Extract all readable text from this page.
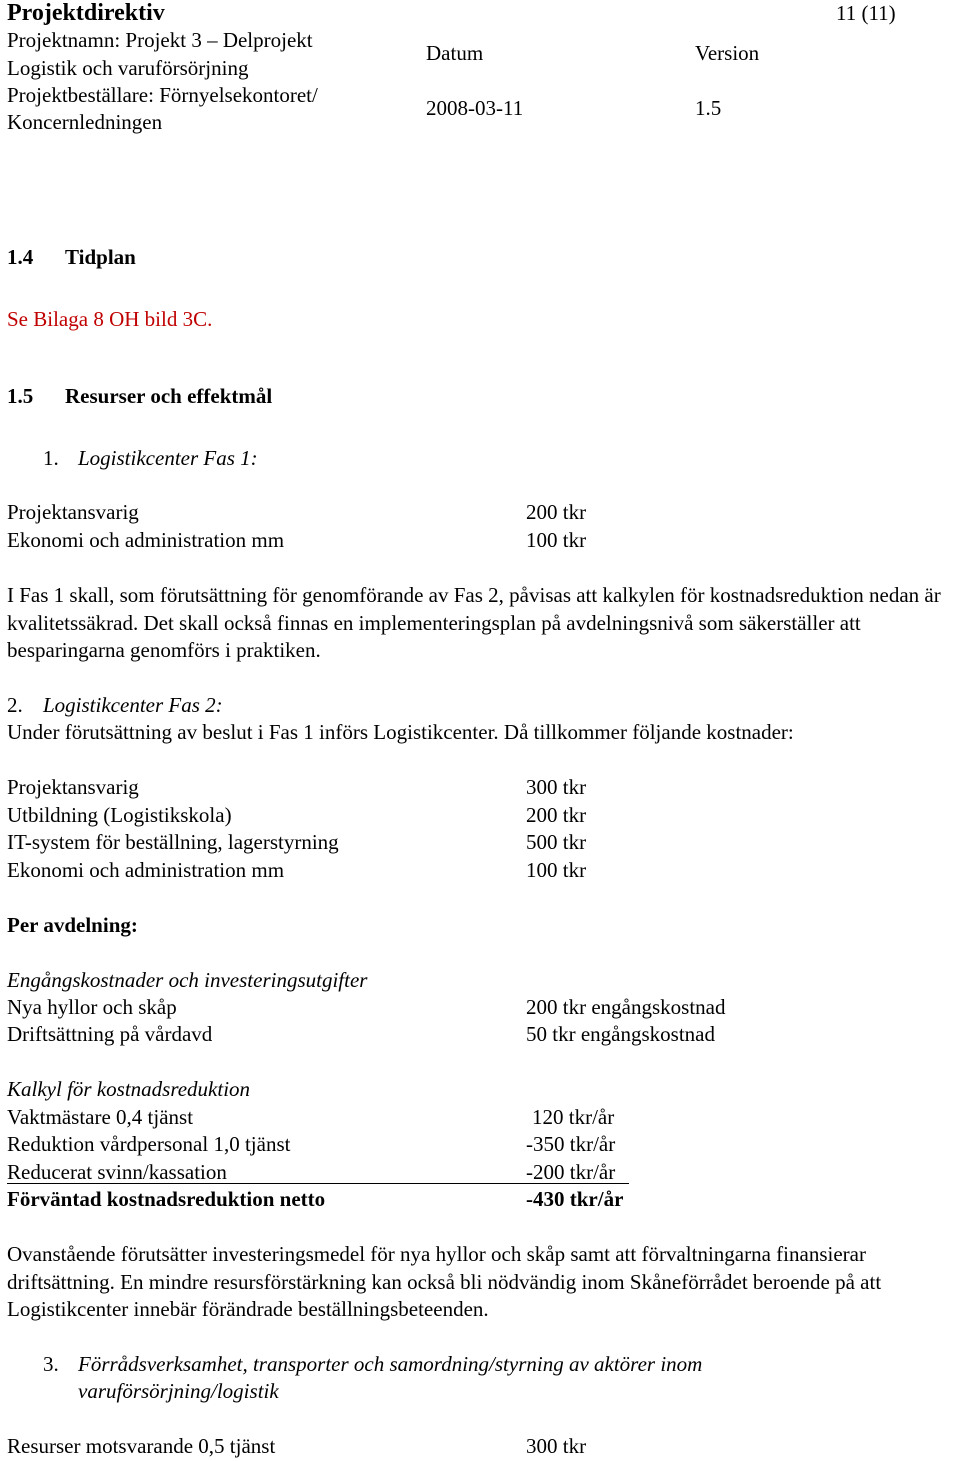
Projektdirektiv	11 (11)
Projektnamn: Projekt 3 – Delprojekt
Logistik och varuförsörjning
Projektbeställare: Förnyelsekontoret/
Koncernledningen
Datum	Version
2008-03-11	1.5
1.4 Tidplan
Se Bilaga 8 OH bild 3C.
1.5 Resurser och effektmål
1. Logistikcenter Fas 1:
Projektansvarig	200 tkr
Ekonomi och administration mm	100 tkr
I Fas 1 skall, som förutsättning för genomförande av Fas 2, påvisas att kalkylen för kostnadsreduktion nedan är kvalitetssäkrad. Det skall också finnas en implementeringsplan på avdelningsnivå som säkerställer att besparingarna genomförs i praktiken.
2. Logistikcenter Fas 2:
Under förutsättning av beslut i Fas 1 införs Logistikcenter. Då tillkommer följande kostnader:
Projektansvarig	300 tkr
Utbildning (Logistikskola)	200 tkr
IT-system för beställning, lagerstyrning	500 tkr
Ekonomi och administration mm	100 tkr
Per avdelning:
Engångskostnader och investeringsutgifter
Nya hyllor och skåp	200 tkr engångskostnad
Driftsättning på vårdavd	50 tkr engångskostnad
Kalkyl för kostnadsreduktion
Vaktmästare 0,4 tjänst	120 tkr/år
Reduktion vårdpersonal 1,0 tjänst	-350 tkr/år
Reducerat svinn/kassation	-200 tkr/år
Förväntad kostnadsreduktion netto	-430 tkr/år
Ovanstående förutsätter investeringsmedel för nya hyllor och skåp samt att förvaltningarna finansierar driftsättning. En mindre resursförstärkning kan också bli nödvändig inom Skåneförrådet beroende på att Logistikcenter innebär förändrade beställningsbeteenden.
3. Förrådsverksamhet, transporter och samordning/styrning av aktörer inom
varuförsörjning/logistik
Resurser motsvarande 0,5 tjänst	300 tkr
